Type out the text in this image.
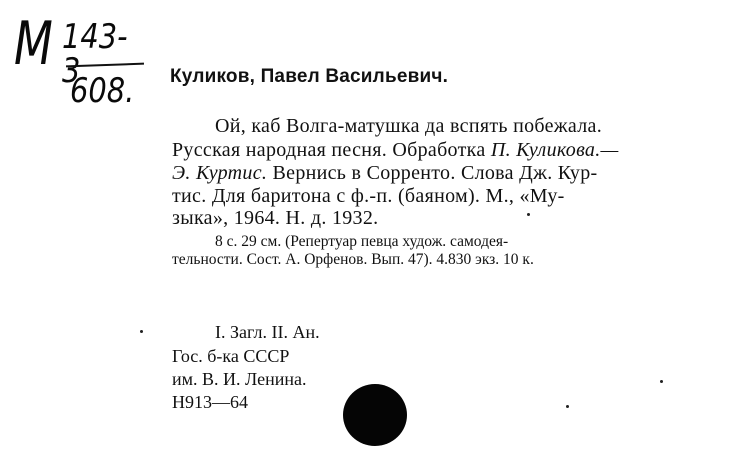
М 143-3
608. Куликов, Павел Васильевич.
Ой, каб Волга-матушка да вспять побежала.
Русская народная песня. Обработка П. Куликова.—
Э. Куртис. Вернись в Сорренто. Слова Дж. Кур-
тис. Для баритона с ф.-п. (баяном). М., «Му-
зыка», 1964. Н. д. 1932.
8 с. 29 см. (Репертуар певца худож. самодея-
тельности. Сост. А. Орфенов. Вып. 47). 4.830 экз. 10 к.
I. Загл. II. Ан.
Гос. б-ка СССР
им. В. И. Ленина.
Н913—64
